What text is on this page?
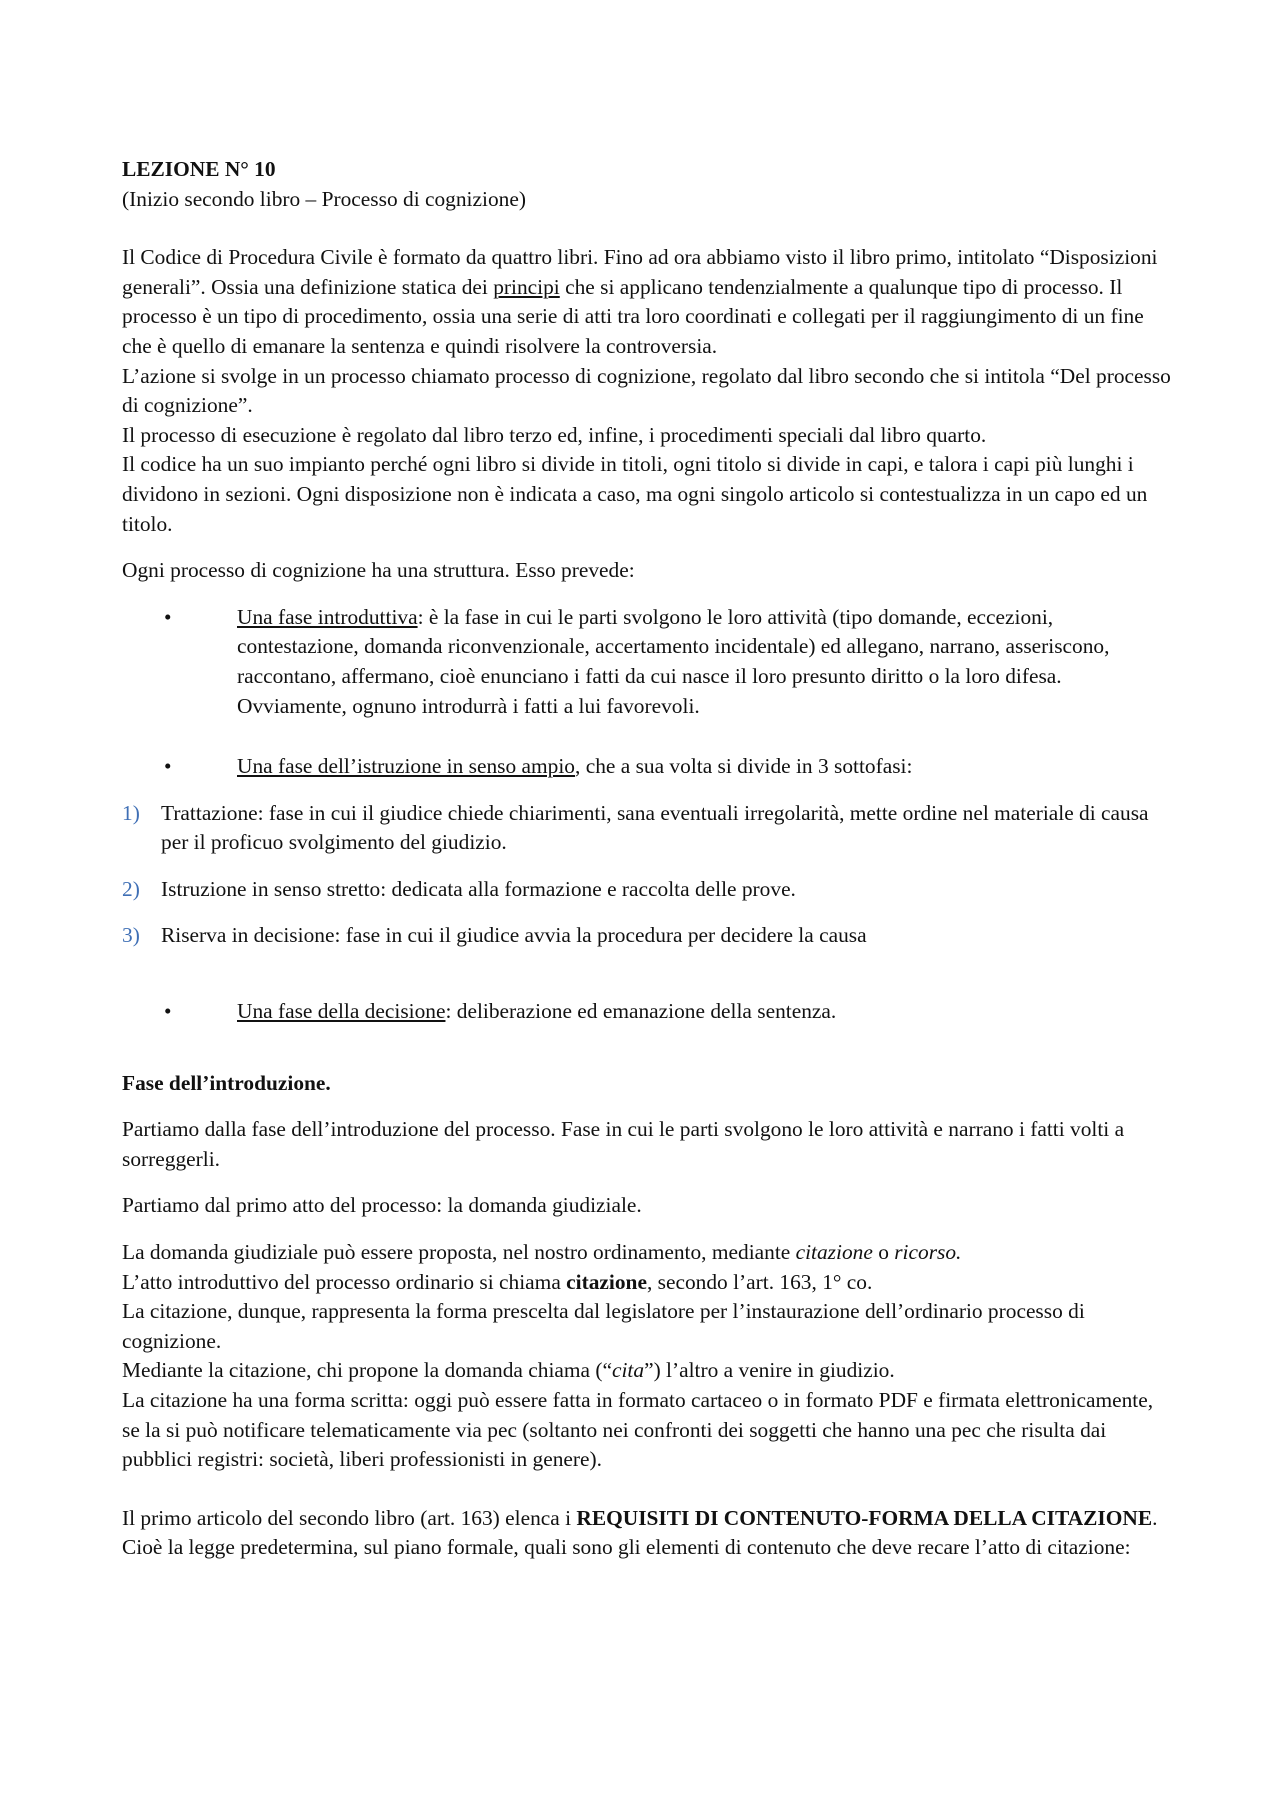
LEZIONE N° 10

(Inizio secondo libro – Processo di cognizione)

Il Codice di Procedura Civile è formato da quattro libri. Fino ad ora abbiamo visto il libro primo, intitolato “Disposizioni generali”. Ossia una definizione statica dei principi che si applicano tendenzialmente a qualunque tipo di processo. Il processo è un tipo di procedimento, ossia una serie di atti tra loro coordinati e collegati per il raggiungimento di un fine che è quello di emanare la sentenza e quindi risolvere la controversia.

L’azione si svolge in un processo chiamato processo di cognizione, regolato dal libro secondo che si intitola “Del processo di cognizione”.

Il processo di esecuzione è regolato dal libro terzo ed, infine, i procedimenti speciali dal libro quarto.

Il codice ha un suo impianto perché ogni libro si divide in titoli, ogni titolo si divide in capi, e talora i capi più lunghi i dividono in sezioni. Ogni disposizione non è indicata a caso, ma ogni singolo articolo si contestualizza in un capo ed un titolo.

Ogni processo di cognizione ha una struttura. Esso prevede:

•	Una fase introduttiva: è la fase in cui le parti svolgono le loro attività (tipo domande, eccezioni, contestazione, domanda riconvenzionale, accertamento incidentale) ed allegano, narrano, asseriscono, raccontano, affermano, cioè enunciano i fatti da cui nasce il loro presunto diritto o la loro difesa. Ovviamente, ognuno introdurrà i fatti a lui favorevoli.
•	Una fase dell’istruzione in senso ampio, che a sua volta si divide in 3 sottofasi:
1) Trattazione: fase in cui il giudice chiede chiarimenti, sana eventuali irregolarità, mette ordine nel materiale di causa per il proficuo svolgimento del giudizio.
2) Istruzione in senso stretto: dedicata alla formazione e raccolta delle prove.
3) Riserva in decisione: fase in cui il giudice avvia la procedura per decidere la causa
•	Una fase della decisione: deliberazione ed emanazione della sentenza.

Fase dell’introduzione.

Partiamo dalla fase dell’introduzione del processo. Fase in cui le parti svolgono le loro attività e narrano i fatti volti a sorreggerli.

Partiamo dal primo atto del processo: la domanda giudiziale.

La domanda giudiziale può essere proposta, nel nostro ordinamento, mediante citazione o ricorso.

L’atto introduttivo del processo ordinario si chiama citazione, secondo l’art. 163, 1° co.

La citazione, dunque, rappresenta la forma prescelta dal legislatore per l’instaurazione dell’ordinario processo di cognizione.

Mediante la citazione, chi propone la domanda chiama (“cita”) l’altro a venire in giudizio.

La citazione ha una forma scritta: oggi può essere fatta in formato cartaceo o in formato PDF e firmata elettronicamente, se la si può notificare telematicamente via pec (soltanto nei confronti dei soggetti che hanno una pec che risulta dai pubblici registri: società, liberi professionisti in genere).

Il primo articolo del secondo libro (art. 163) elenca i REQUISITI DI CONTENUTO-FORMA DELLA CITAZIONE.

Cioè la legge predetermina, sul piano formale, quali sono gli elementi di contenuto che deve recare l’atto di citazione:
